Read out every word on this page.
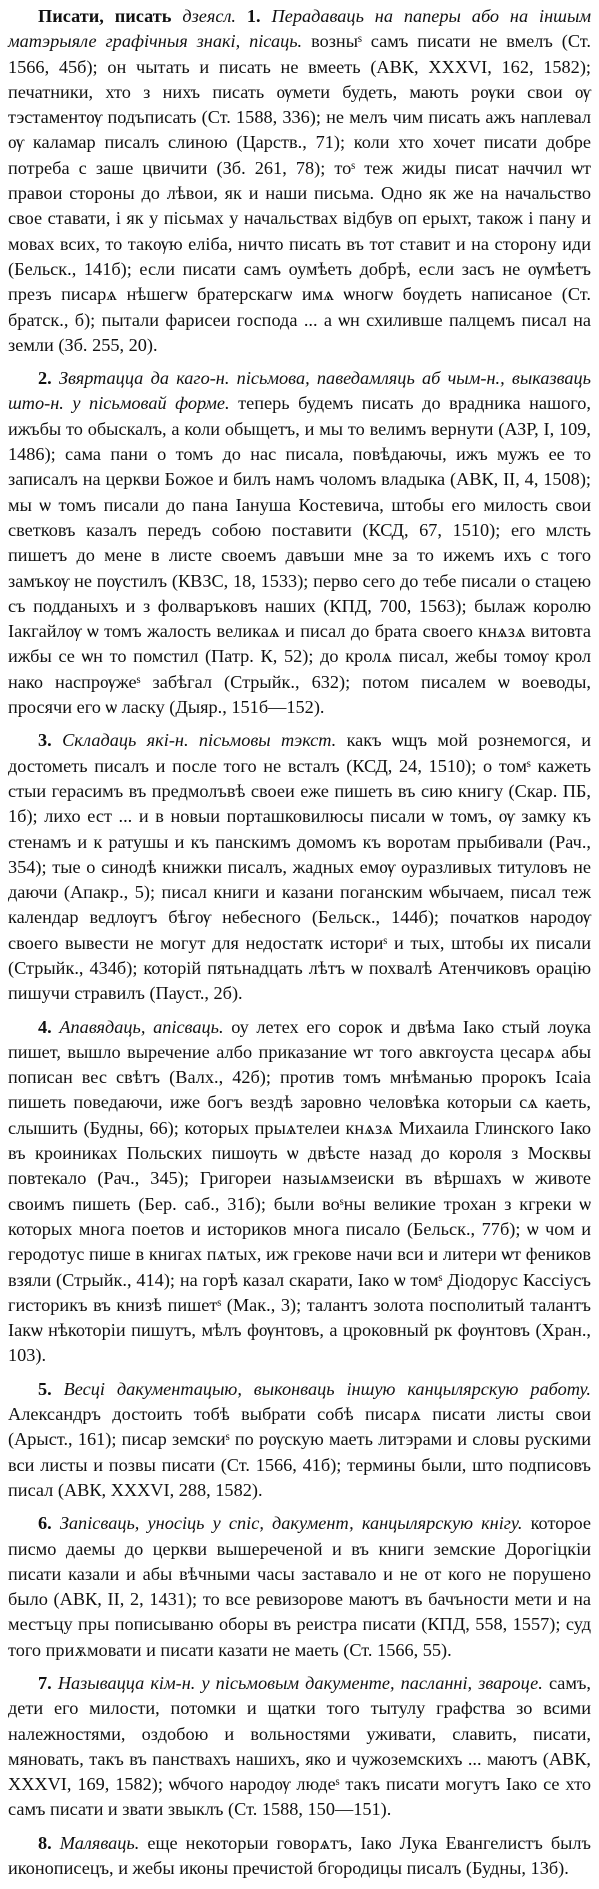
Писати, писать дзеясл. 1. Перадаваць на паперы або на іншым матэрыяле графічныя знакі, пісаць. возныˢ самъ писати не вмелъ (Ст. 1566, 45б); он чытать и писать не вмееть (АВК, XXXVI, 162, 1582); печатники, хто з нихъ писать ѹмети будеть, мають рѹки свои ѹ тэстаментѹ подъписать (Ст. 1588, 336); не мелъ чим писать ажъ наплевал ѹ каламар писалъ слиною (Царств., 71); коли хто хочет писати добре потреба с заше цвичити (Зб. 261, 78); тоˢ теж жиды писат наччил ѡт правои стороны до лѣвои, як и наши письма. Одно як же на начальство свое ставати, і як у пісьмах у начальствах відбув оп ерыхт, також і пану и мовах всих, то такѹю еліба, ничто писать въ тот ставит и на сторону иди (Бельск., 141б); если писати самъ оумѣеть добрѣ, если засъ не ѹмѣетъ презъ писарѧ нѣшегѡ братерскагѡ имѧ ѡногѡ бѹдеть написаное (Ст. братск., б); пытали фарисеи господа ... а ѡн схиливше палцемъ писал на земли (Зб. 255, 20).

2. Звяртацца да каго-н. пісьмова, паведамляць аб чым-н., выказваць што-н. у пісьмовай форме. теперь будемъ писать до врадника нашого, ижъбы то обыскалъ, а коли обыщетъ, и мы то велимъ вернути (АЗР, I, 109, 1486); сама пани о томъ до нас писала, повѣдаючы, ижъ мужъ ее то записалъ на церкви Божое и билъ намъ чоломъ владыка (АВК, II, 4, 1508); мы ѡ томъ писали до пана Іануша Костевича, штобы его милость свои светковъ казалъ передъ собою поставити (КСД, 67, 1510); его млсть пишетъ до мене в листе своемъ давъши мне за то ижемъ ихъ с того замъкѹ не пѹстилъ (КВЗС, 18, 1533); перво сего до тебе писали о стацею съ подданыхъ и з фолваръковъ наших (КПД, 700, 1563); былаж королю Іакгайлѹ ѡ томъ жалость великаѧ и писал до брата своего кнѧзѧ витовта ижбы се ѡн то помстил (Патр. К, 52); до кролѧ писал, жебы томѹ крол нако наспрѹжеˢ забѣгал (Стрыйк., 632); потом писалем ѡ воеводы, просячи его ѡ ласку (Дыяр., 151б—152).

3. Складаць які-н. пісьмовы тэкст. какъ ѡщъ мой рознемогся, и достометь писалъ и после того не всталъ (КСД, 24, 1510); о томˢ кажеть стыи герасимъ въ предмолъвѣ своеи еже пишеть въ сию книгу (Скар. ПБ, 1б); лихо ест ... и в новыи порташковилюсы писали ѡ томъ, ѹ замку къ стенамъ и к ратушы и къ панскимъ домомъ къ воротам прыбивали (Рач., 354); тые о синодѣ книжки писалъ, жадных емѹ оуразливых титуловъ не даючи (Апакр., 5); писал книги и казани поганским ѡбычаем, писал теж календар ведлѹгъ бѣгѹ небесного (Бельск., 144б); початков народѹ своего вывести не могут для недостатк историˢ и тых, штобы их писали (Стрыйк., 434б); которій пятьнадцать лѣтъ ѡ похвалѣ Атенчиковъ орацію пишучи стравилъ (Пауст., 2б).

4. Апавядаць, апісваць. оу летех его сорок и двѣма Іако стый лоука пишет, вышло выречение албо приказание ѡт того авкгоуста цесарѧ абы пописан вес свѣтъ (Валх., 42б); против томъ мнѣманью пророкъ Ісаіа пишеть поведаючи, иже богъ вездѣ заровно человѣка которыи сѧ каеть, слышить (Будны, 66); которых прыѧтелеи кнѧзѧ Михаила Глинского Іако въ кроиниках Польских пишѹть ѡ двѣсте назад до короля з Москвы повтекало (Рач., 345); Григореи назыѧмзеиски въ вѣршахъ ѡ животе своимъ пишеть (Бер. саб., 31б); были воˢны великие трохан з кгреки ѡ которых многа поетов и историков многа писало (Бельск., 77б); ѡ чом и геродотус пише в книгах пѧтых, иж грекове начи вси и литери ѡт феников взяли (Стрыйк., 414); на горѣ казал скарати, Іако ѡ томˢ Діодорус Кассіусъ гисторикъ въ книзѣ пишетˢ (Мак., 3); талантъ золота посполитый талантъ Іакѡ нѣкоторіи пишутъ, мѣлъ фѹнтовъ, а цроковный рк фѹнтовъ (Хран., 103).

5. Весці дакументацыю, выконваць іншую канцылярскую работу. Александръ достоить тобѣ выбрати собѣ писарѧ писати листы свои (Арыст., 161); писар земскиˢ по рѹскую маеть литэрами и словы рускими вси листы и позвы писати (Ст. 1566, 41б); термины были, што подписовъ писал (АВК, XXXVI, 288, 1582).

6. Запісваць, уносіць у спіс, дакумент, канцылярскую кнігу. которое писмо даемы до церкви вышереченой и въ книги земские Дорогіцкіи писати казали и абы вѣчными часы заставало и не от кого не порушено было (АВК, II, 2, 1431); то все ревизорове маютъ въ бачъности мети и на местъцу пры пописываню оборы въ реистра писати (КПД, 558, 1557); суд того приѫмовати и писати казати не маеть (Ст. 1566, 55).

7. Называцца кім-н. у пісьмовым дакументе, пасланні, звароце. самъ, дети его милости, потомки и щатки того тытулу графства зо всими належностями, оздобою и вольностями уживати, славить, писати, мяновать, такъ въ панствахъ нашихъ, яко и чужоземскихъ ... маютъ (АВК, XXXVI, 169, 1582); ѡбчого народѹ людеˢ такъ писати могутъ Іако се хто самъ писати и звати звыклъ (Ст. 1588, 150—151).

8. Маляваць. еще некоторыи говорѧтъ, Іако Лука Евангелистъ былъ иконописецъ, и жебы иконы пречистой бгородицы писалъ (Будны, 13б).
